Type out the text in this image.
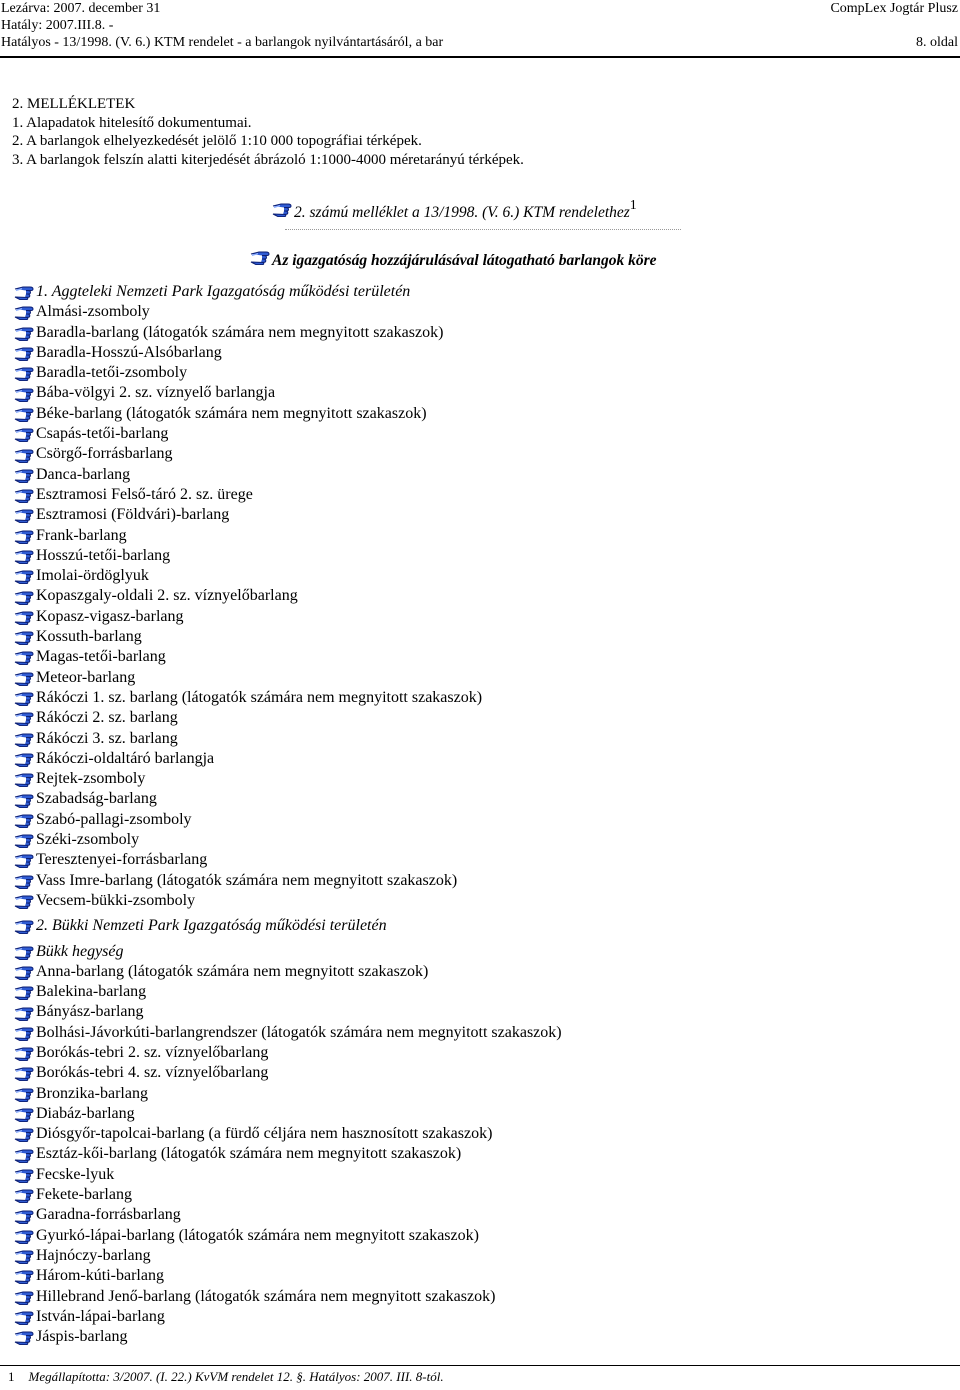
Lezárva: 2007. december 31
Hatály: 2007.III.8. -
Hatályos - 13/1998. (V. 6.) KTM rendelet - a barlangok nyilvántartásáról, a bar
CompLex Jogtár Plusz
8. oldal
2. MELLÉKLETEK
1. Alapadatok hitelesítő dokumentumai.
2. A barlangok elhelyezkedését jelölő 1:10 000 topográfiai térképek.
3. A barlangok felszín alatti kiterjedését ábrázoló 1:1000-4000 méretarányú térképek.
2. számú melléklet a 13/1998. (V. 6.) KTM rendelethez$^1$
Az igazgatóság hozzájárulásával látogatható barlangok köre
1. Aggteleki Nemzeti Park Igazgatóság működési területén
Almási-zsomboly
Baradla-barlang (látogatók számára nem megnyitott szakaszok)
Baradla-Hosszú-Alsóbarlang
Baradla-tetői-zsomboly
Bába-völgyi 2. sz. víznyelő barlangja
Béke-barlang (látogatók számára nem megnyitott szakaszok)
Csapás-tetői-barlang
Csörgő-forrásbarlang
Danca-barlang
Esztramosi Felső-táró 2. sz. ürege
Esztramosi (Földvári)-barlang
Frank-barlang
Hosszú-tetői-barlang
Imolai-ördöglyuk
Kopaszgaly-oldali 2. sz. víznyelőbarlang
Kopasz-vigasz-barlang
Kossuth-barlang
Magas-tetői-barlang
Meteor-barlang
Rákóczi 1. sz. barlang (látogatók számára nem megnyitott szakaszok)
Rákóczi 2. sz. barlang
Rákóczi 3. sz. barlang
Rákóczi-oldaltáró barlangja
Rejtek-zsomboly
Szabadság-barlang
Szabó-pallagi-zsomboly
Széki-zsomboly
Teresztenyei-forrásbarlang
Vass Imre-barlang (látogatók számára nem megnyitott szakaszok)
Vecsem-bükki-zsomboly
2. Bükki Nemzeti Park Igazgatóság működési területén
Bükk hegység
Anna-barlang (látogatók számára nem megnyitott szakaszok)
Balekina-barlang
Bányász-barlang
Bolhási-Jávorkúti-barlangrendszer (látogatók számára nem megnyitott szakaszok)
Borókás-tebri 2. sz. víznyelőbarlang
Borókás-tebri 4. sz. víznyelőbarlang
Bronzika-barlang
Diabáz-barlang
Diósgyőr-tapolcai-barlang (a fürdő céljára nem hasznosított szakaszok)
Esztáz-kői-barlang (látogatók számára nem megnyitott szakaszok)
Fecske-lyuk
Fekete-barlang
Garadna-forrásbarlang
Gyurkó-lápai-barlang (látogatók számára nem megnyitott szakaszok)
Hajnóczy-barlang
Három-kúti-barlang
Hillebrand Jenő-barlang (látogatók számára nem megnyitott szakaszok)
István-lápai-barlang
Jáspis-barlang
1 Megállapította: 3/2007. (I. 22.) KvVM rendelet 12. §. Hatályos: 2007. III. 8-tól.
